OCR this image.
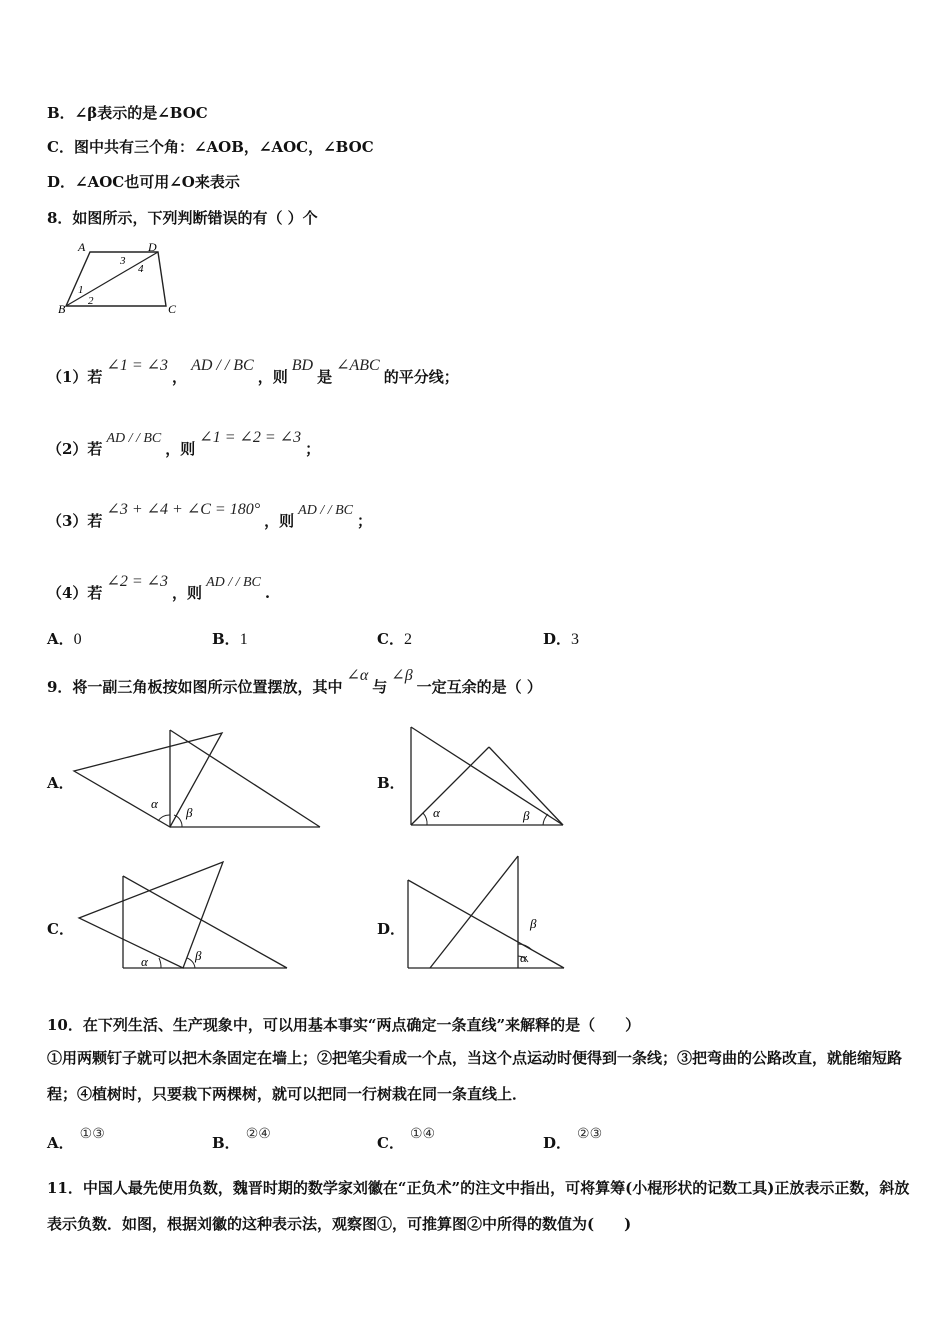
B．∠β表示的是∠BOC
C．图中共有三个角：∠AOB，∠AOC，∠BOC
D．∠AOC也可用∠O来表示
8．如图所示，下列判断错误的有（ ）个
A	D
B	C
1
2
3
4
（1）若∠1 = ∠3，AD / / BC，则BD是∠ABC的平分线；
（2）若AD / / BC，则∠1 = ∠2 = ∠3；
（3）若∠3 + ∠4 + ∠C = 180°，则AD / / BC；
（4）若∠2 = ∠3，则AD / / BC.
A．0	B．1	C．2	D．3
9．将一副三角板按如图所示位置摆放，其中∠α与∠β一定互余的是（ ）
A．
α
β
B．
α	β
C．
α	β
D．	β
α
10．在下列生活、生产现象中，可以用基本事实“两点确定一条直线”来解释的是（　　）
①用两颗钉子就可以把木条固定在墙上；②把笔尖看成一个点，当这个点运动时便得到一条线；③把弯曲的公路改直，就能缩短路程；④植树时，只要栽下两棵树，就可以把同一行树栽在同一条直线上．
A． ①③	B． ②④	C． ①④	D． ②③
11．中国人最先使用负数，魏晋时期的数学家刘徽在“正负术”的注文中指出，可将算筹(小棍形状的记数工具)正放表示正数，斜放表示负数．如图，根据刘徽的这种表示法，观察图①，可推算图②中所得的数值为(　　)
